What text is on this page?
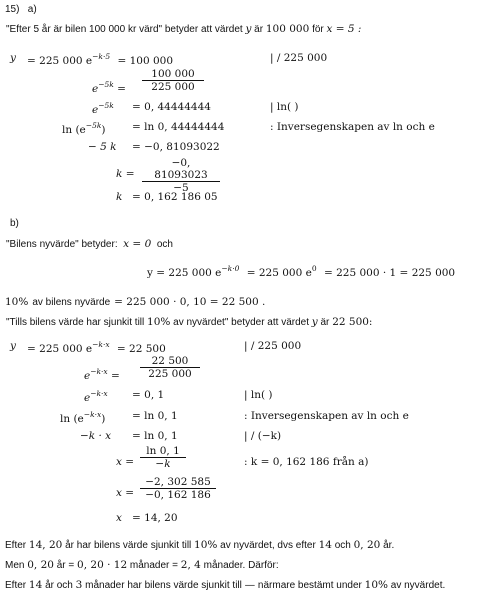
15) a)
"Efter 5 år är bilen 100 000 kr värd" betyder att värdet y är 100 000 för x = 5 :
y = 225 000 $e^{-k\cdot 5} = 100$ 000	| / 225 000
$e^{-5k} = \frac{100 000}{225 000}$
$e^{-5k} = 0$, 44444444	| ln( )
$\ln (e^{-5k})$	= ln 0, 44444444	: Inversegenskapen av ln och e
− 5 k = −0, 81093022
$k = \frac{-0, 81093023}{-5}$
k = 0, 162 186 05
b)
"Bilens nyvärde" betyder: x = 0 och
y = 225 000 $e^{-k\cdot 0} = 225$ 000 $e^0 = 225$ 000 · 1 = 225 000
10% av bilens nyvärde = 225 000 · 0, 10 = 22 500 .
"Tills bilens värde har sjunkit till 10% av nyvärdet" betyder att värdet y är 22 500:
y = 225 000 $e^{-k\cdot x} = 22$ 500	| / 225 000
$e^{-k\cdot x} = \frac{22 500}{225 000}$
$e^{-k\cdot x} = 0$, 1	| ln( )
$\ln (e^{-k\cdot x})$	= ln 0, 1	: Inversegenskapen av ln och e
−k · x = ln 0, 1	| / (−k)
$x = \frac{\ln 0, 1}{-k}$	: k = 0, 162 186 från a)
$x = \frac{-2, 302 585}{-0, 162 186}$
x = 14, 20
Efter 14, 20 år har bilens värde sjunkit till 10% av nyvärdet, dvs efter 14 och 0, 20 år.
Men 0, 20 år = 0, 20 · 12 månader = 2, 4 månader. Därför:
Efter 14 år och 3 månader har bilens värde sjunkit till — närmare bestämt under 10% av nyvärdet.
